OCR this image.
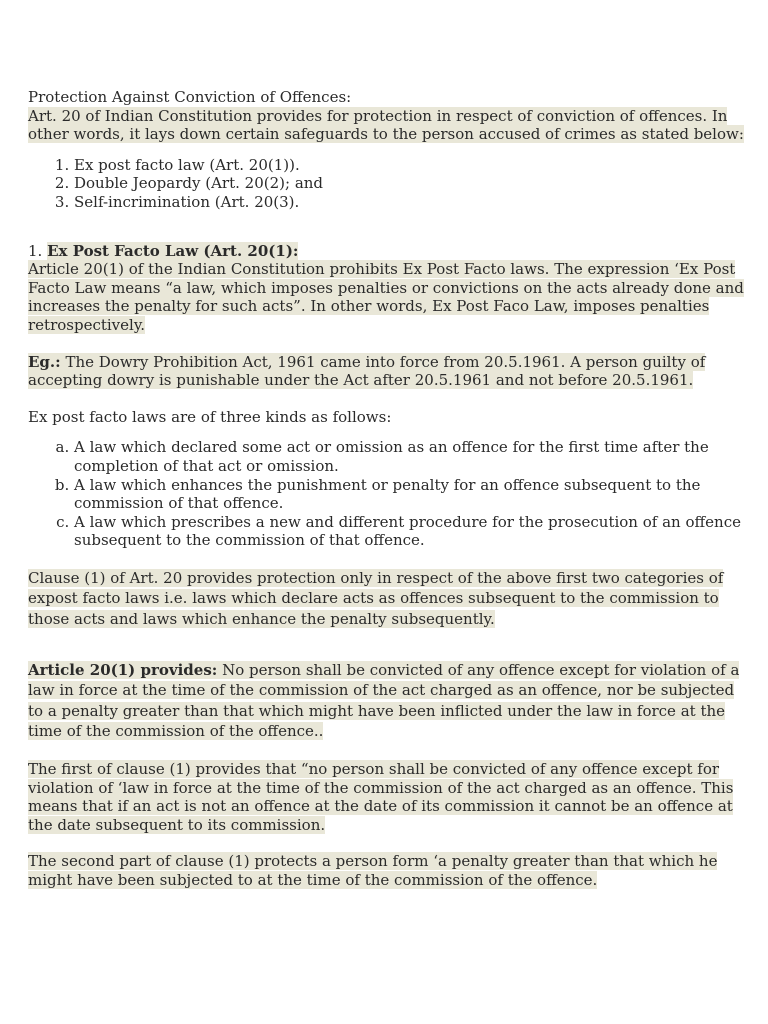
Protection Against Conviction of Offences:

Art. 20 of Indian Constitution provides for protection in respect of conviction of offences. In other words, it lays down certain safeguards to the person accused of crimes as stated below:

1. Ex post facto law (Art. 20(1)).
2. Double Jeopardy (Art. 20(2); and
3. Self-incrimination (Art. 20(3).

1. Ex Post Facto Law (Art. 20(1):

Article 20(1) of the Indian Constitution prohibits Ex Post Facto laws. The expression ‘Ex Post Facto Law means “a law, which imposes penalties or convictions on the acts already done and increases the penalty for such acts”. In other words, Ex Post Faco Law, imposes penalties retrospectively.

Eg.: The Dowry Prohibition Act, 1961 came into force from 20.5.1961. A person guilty of accepting dowry is punishable under the Act after 20.5.1961 and not before 20.5.1961.

Ex post facto laws are of three kinds as follows:

a. A law which declared some act or omission as an offence for the first time after the completion of that act or omission.
b. A law which enhances the punishment or penalty for an offence subsequent to the commission of that offence.
c. A law which prescribes a new and different procedure for the prosecution of an offence subsequent to the commission of that offence.

Clause (1) of Art. 20 provides protection only in respect of the above first two categories of expost facto laws i.e. laws which declare acts as offences subsequent to the commission to those acts and laws which enhance the penalty subsequently.

Article 20(1) provides: No person shall be convicted of any offence except for violation of a law in force at the time of the commission of the act charged as an offence, nor be subjected to a penalty greater than that which might have been inflicted under the law in force at the time of the commission of the offence..

The first of clause (1) provides that “no person shall be convicted of any offence except for violation of ‘law in force at the time of the commission of the act charged as an offence. This means that if an act is not an offence at the date of its commission it cannot be an offence at the date subsequent to its commission.

The second part of clause (1) protects a person form ‘a penalty greater than that which he might have been subjected to at the time of the commission of the offence.
